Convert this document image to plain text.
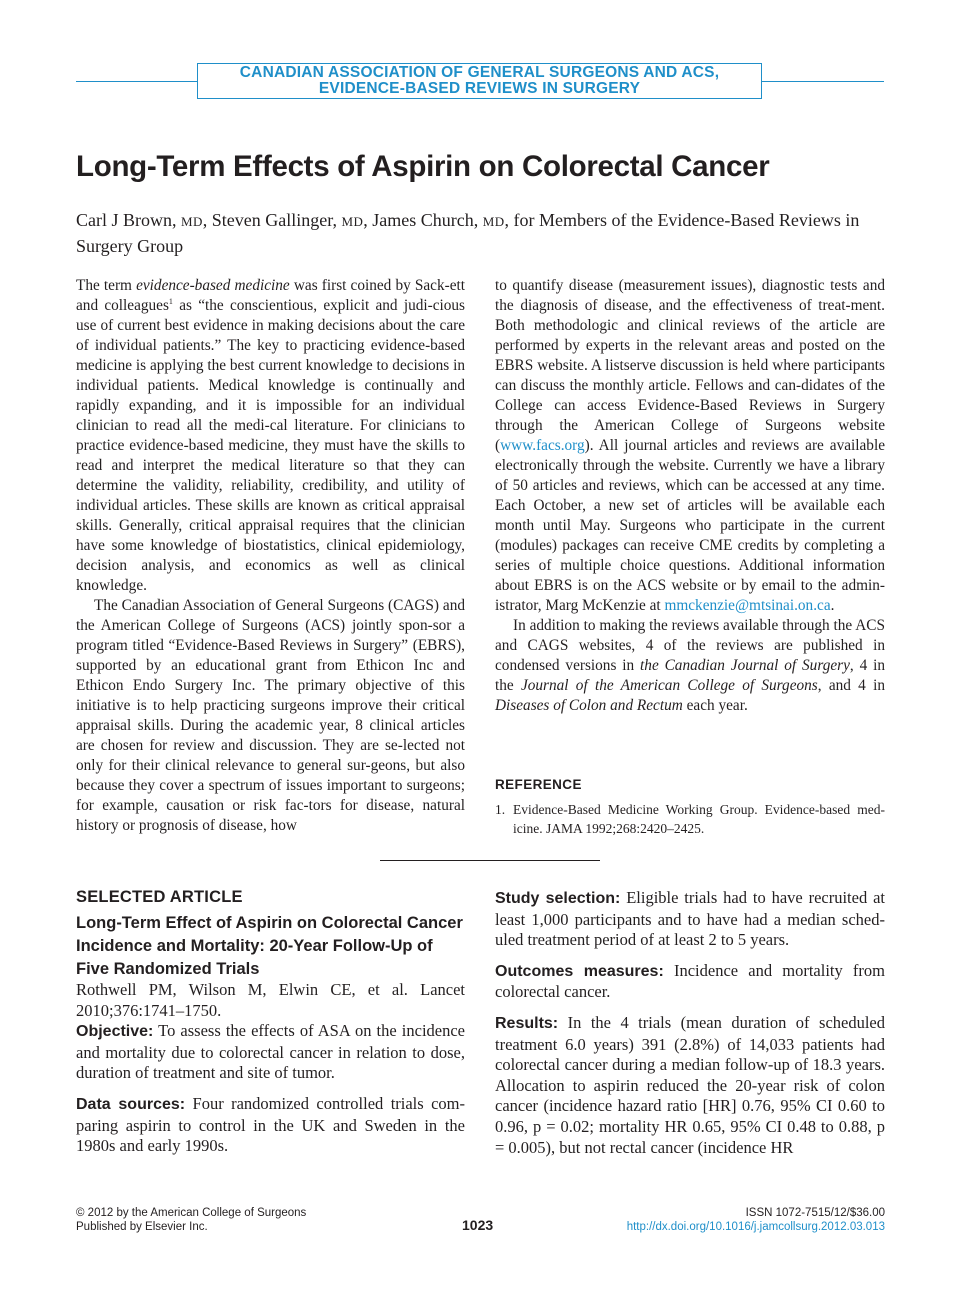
CANADIAN ASSOCIATION OF GENERAL SURGEONS AND ACS,
EVIDENCE-BASED REVIEWS IN SURGERY
Long-Term Effects of Aspirin on Colorectal Cancer
Carl J Brown, MD, Steven Gallinger, MD, James Church, MD, for Members of the Evidence-Based Reviews in Surgery Group

The term evidence-based medicine was first coined by Sack-ett and colleagues$^1$ as “the conscientious, explicit and judi-cious use of current best evidence in making decisions about the care of individual patients.” The key to practicing evidence-based medicine is applying the best current knowledge to decisions in individual patients. Medical knowledge is continually and rapidly expanding, and it is impossible for an individual clinician to read all the medi-cal literature. For clinicians to practice evidence-based medicine, they must have the skills to read and interpret the medical literature so that they can determine the validity, reliability, credibility, and utility of individual articles. These skills are known as critical appraisal skills. Generally, critical appraisal requires that the clinician have some knowledge of biostatistics, clinical epidemiology, decision analysis, and economics as well as clinical knowledge.

The Canadian Association of General Surgeons (CAGS) and the American College of Surgeons (ACS) jointly spon-sor a program titled “Evidence-Based Reviews in Surgery” (EBRS), supported by an educational grant from Ethicon Inc and Ethicon Endo Surgery Inc. The primary objective of this initiative is to help practicing surgeons improve their critical appraisal skills. During the academic year, 8 clinical articles are chosen for review and discussion. They are se-lected not only for their clinical relevance to general sur-geons, but also because they cover a spectrum of issues important to surgeons; for example, causation or risk fac-tors for disease, natural history or prognosis of disease, how

to quantify disease (measurement issues), diagnostic tests and the diagnosis of disease, and the effectiveness of treat-ment. Both methodologic and clinical reviews of the article are performed by experts in the relevant areas and posted on the EBRS website. A listserve discussion is held where participants can discuss the monthly article. Fellows and can-didates of the College can access Evidence-Based Reviews in Surgery through the American College of Surgeons website (www.facs.org). All journal articles and reviews are available electronically through the website. Currently we have a library of 50 articles and reviews, which can be accessed at any time. Each October, a new set of articles will be available each month until May. Surgeons who participate in the current (modules) packages can receive CME credits by completing a series of multiple choice questions. Additional information about EBRS is on the ACS website or by email to the admin-istrator, Marg McKenzie at mmckenzie@mtsinai.on.ca.

In addition to making the reviews available through the ACS and CAGS websites, 4 of the reviews are published in condensed versions in the Canadian Journal of Surgery, 4 in the Journal of the American College of Surgeons, and 4 in Diseases of Colon and Rectum each year.

REFERENCE
1. Evidence-Based Medicine Working Group. Evidence-based med-icine. JAMA 1992;268:2420–2425.
SELECTED ARTICLE
Long-Term Effect of Aspirin on Colorectal Cancer Incidence and Mortality: 20-Year Follow-Up of Five Randomized Trials

Rothwell PM, Wilson M, Elwin CE, et al. Lancet 2010;376:1741–1750.

Objective: To assess the effects of ASA on the incidence and mortality due to colorectal cancer in relation to dose, duration of treatment and site of tumor.

Data sources: Four randomized controlled trials com-paring aspirin to control in the UK and Sweden in the 1980s and early 1990s.

Study selection: Eligible trials had to have recruited at least 1,000 participants and to have had a median sched-uled treatment period of at least 2 to 5 years.

Outcomes measures: Incidence and mortality from colorectal cancer.

Results: In the 4 trials (mean duration of scheduled treatment 6.0 years) 391 (2.8%) of 14,033 patients had colorectal cancer during a median follow-up of 18.3 years. Allocation to aspirin reduced the 20-year risk of colon cancer (incidence hazard ratio [HR] 0.76, 95% CI 0.60 to 0.96, p = 0.02; mortality HR 0.65, 95% CI 0.48 to 0.88, p = 0.005), but not rectal cancer (incidence HR

© 2012 by the American College of Surgeons
Published by Elsevier Inc.	1023
ISSN 1072-7515/12/$36.00
http://dx.doi.org/10.1016/j.jamcollsurg.2012.03.013
